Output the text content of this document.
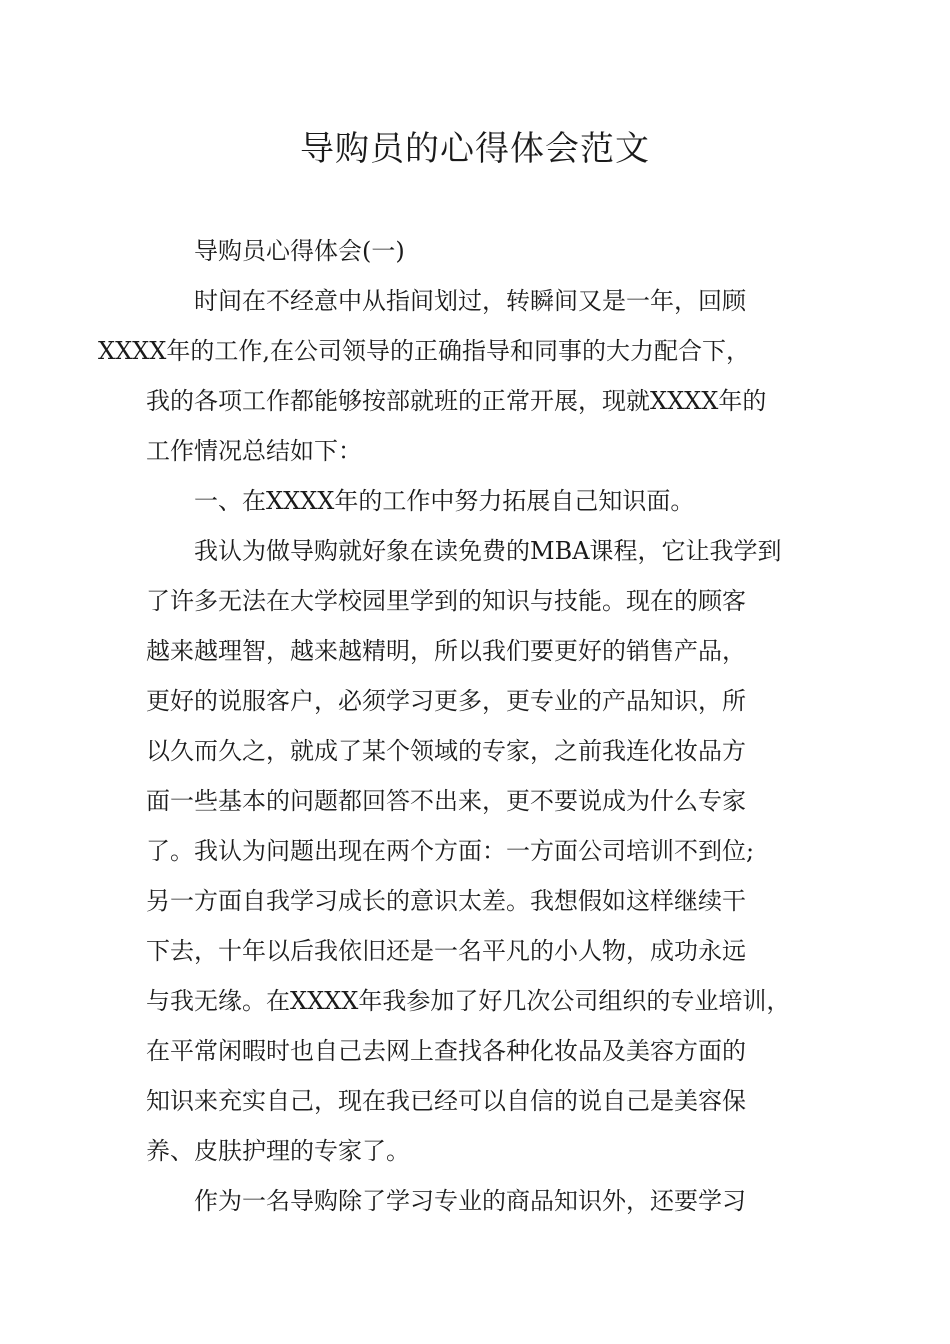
导购员的心得体会范文

导购员心得体会(一)

时间在不经意中从指间划过，转瞬间又是一年，回顾
XXXX年的工作,在公司领导的正确指导和同事的大力配合下，
我的各项工作都能够按部就班的正常开展，现就XXXX年的
工作情况总结如下：

一、在XXXX年的工作中努力拓展自己知识面。

我认为做导购就好象在读免费的MBA课程，它让我学到
了许多无法在大学校园里学到的知识与技能。现在的顾客
越来越理智，越来越精明，所以我们要更好的销售产品，
更好的说服客户，必须学习更多，更专业的产品知识，所
以久而久之，就成了某个领域的专家，之前我连化妆品方
面一些基本的问题都回答不出来，更不要说成为什么专家
了。我认为问题出现在两个方面：一方面公司培训不到位;
另一方面自我学习成长的意识太差。我想假如这样继续干
下去，十年以后我依旧还是一名平凡的小人物，成功永远
与我无缘。在XXXX年我参加了好几次公司组织的专业培训，
在平常闲暇时也自己去网上查找各种化妆品及美容方面的
知识来充实自己，现在我已经可以自信的说自己是美容保
养、皮肤护理的专家了。

作为一名导购除了学习专业的商品知识外，还要学习
